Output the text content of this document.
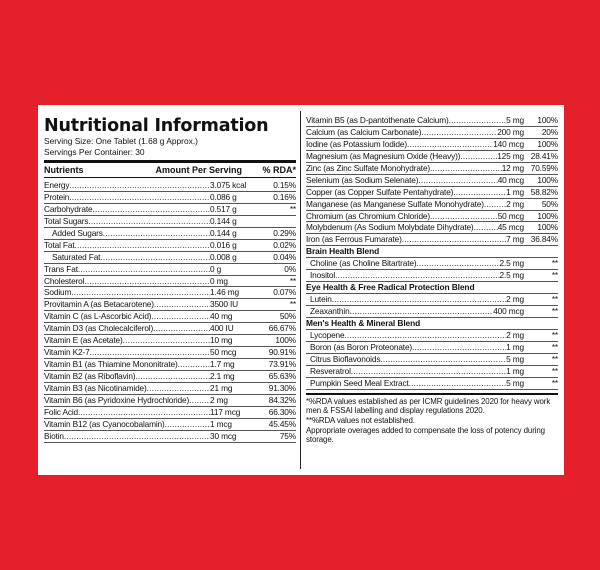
Nutritional Information
Serving Size: One Tablet (1.68 g Approx.)
Servings Per Container: 30
Nutrients	Amount Per Serving	% RDA*
Energy .....	3.075 kcal	0.15%
Protein .....	0.086 g	0.16%
Carbohydrate .....	0.517 g	**
Total Sugars .....	0.144 g
Added Sugars .....	0.144 g	0.29%
Total Fat .....	0.016 g	0.02%
Saturated Fat .....	0.008 g	0.04%
Trans Fat .....	0 g	0%
Cholesterol .....	0 mg	**
Sodium .....	1.46 mg	0.07%
Provitamin A (as Betacarotene) .....	3500 IU	**
Vitamin C (as L-Ascorbic Acid) .....	40 mg	50%
Vitamin D3 (as Cholecalciferol) .....	400 IU	66.67%
Vitamin E (as Acetate) .....	10 mg	100%
Vitamin K2-7 .....	50 mcg	90.91%
Vitamin B1 (as Thiamine Mononitrate) .....	1.7 mg	73.91%
Vitamin B2 (as Riboflavin) .....	2.1 mg	65.63%
Vitamin B3 (as Nicotinamide) .....	21 mg	91.30%
Vitamin B6 (as Pyridoxine Hydrochloride) .....	2 mg	84.32%
Folic Acid .....	117 mcg	66.30%
Vitamin B12 (as Cyanocobalamin) .....	1 mcg	45.45%
Biotin .....	30 mcg	75%
Vitamin B5 (as D-pantothenate Calcium) .....	5 mg	100%
Calcium (as Calcium Carbonate) .....	200 mg	20%
Iodine (as Potassium Iodide) .....	140 mcg	100%
Magnesium (as Magnesium Oxide (Heavy)) .....	125 mg 28.41%
Zinc (as Zinc Sulfate Monohydrate) .....	12 mg 70.59%
Selenium (as Sodium Selenate) .....	40 mcg	100%
Copper (as Copper Sulfate Pentahydrate) .....	1 mg 58.82%
Manganese (as Manganese Sulfate Monohydrate) .....	2 mg	50%
Chromium (as Chromium Chloride) .....	50 mcg	100%
Molybdenum (As Sodium Molybdate Dihydrate) .....	45 mcg	100%
Iron (as Ferrous Fumarate) .....	7 mg 36.84%
Brain Health Blend
Choline (as Choline Bitartrate) .....	2.5 mg	**
Inositol .....	2.5 mg	**
Eye Health & Free Radical Protection Blend
Lutein .....	2 mg	**
Zeaxanthin .....	400 mcg	**
Men's Health & Mineral Blend
Lycopene .....	2 mg	**
Boron (as Boron Proteonate) .....	1 mg	**
Citrus Bioflavonoids .....	5 mg	**
Resveratrol .....	1 mg	**
Pumpkin Seed Meal Extract .....	5 mg	**
*%RDA values established as per ICMR guidelines 2020 for heavy work men & FSSAI labelling and display regulations 2020.
**%RDA values not established.
Appropriate overages added to compensate the loss of potency during storage.
